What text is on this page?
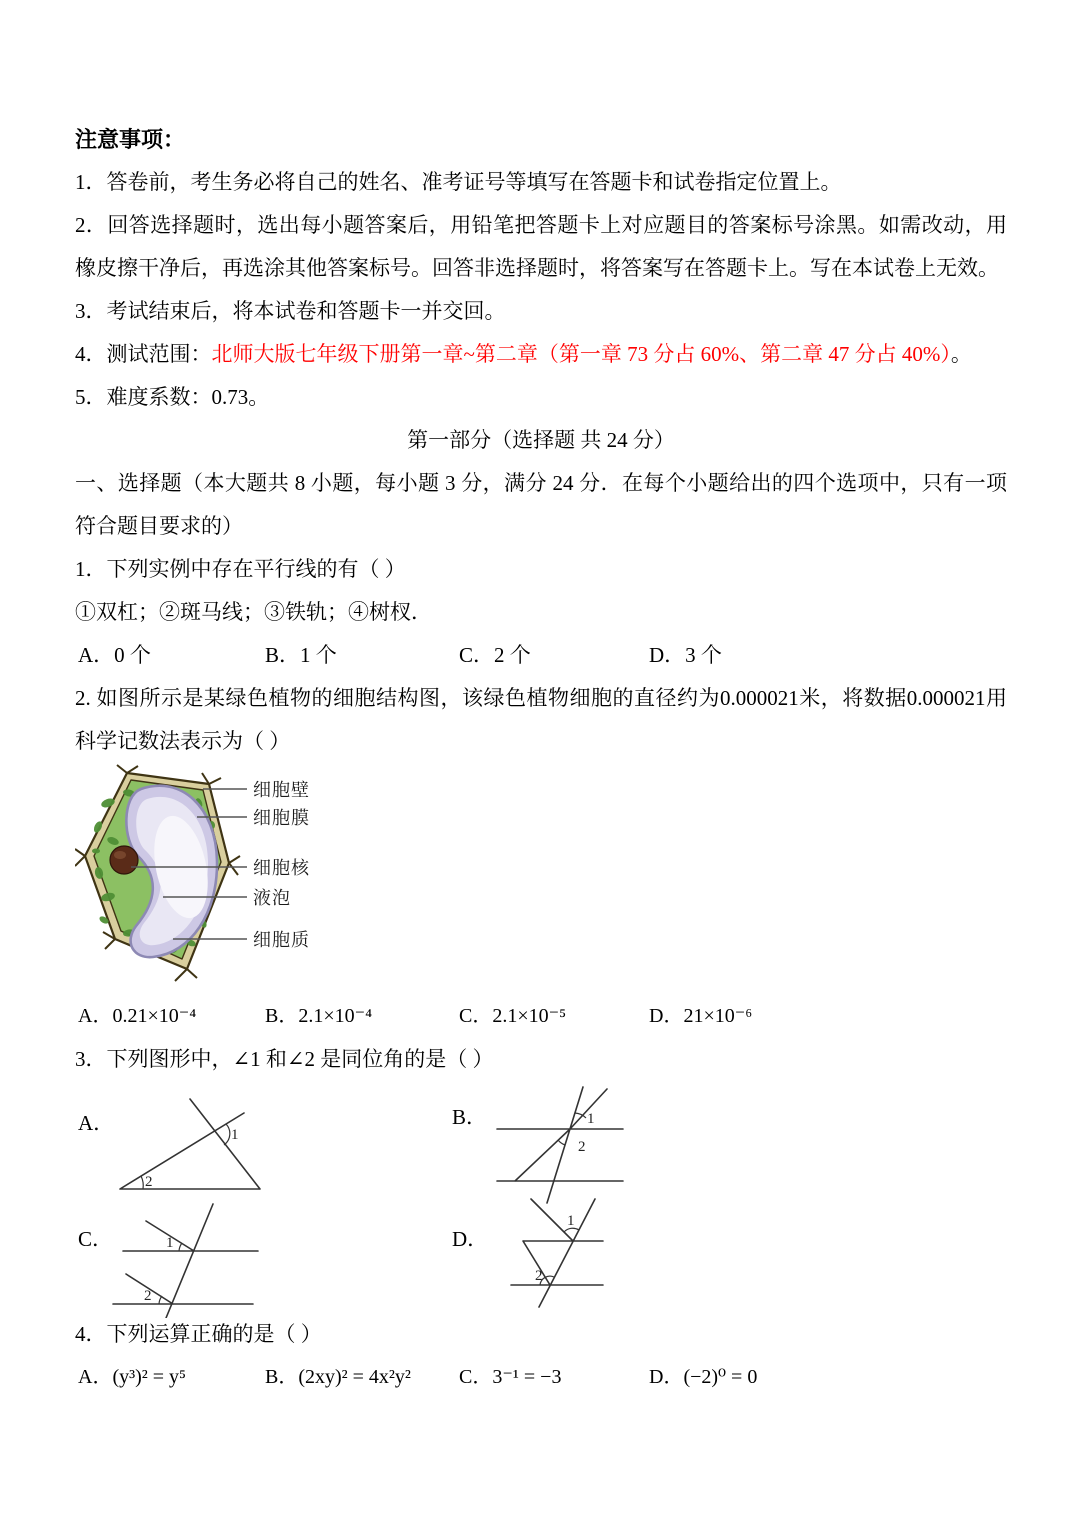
注意事项：

1．答卷前，考生务必将自己的姓名、准考证号等填写在答题卡和试卷指定位置上。

2．回答选择题时，选出每小题答案后，用铅笔把答题卡上对应题目的答案标号涂黑。如需改动，用橡皮擦干净后，再选涂其他答案标号。回答非选择题时，将答案写在答题卡上。写在本试卷上无效。

3．考试结束后，将本试卷和答题卡一并交回。

4．测试范围：北师大版七年级下册第一章~第二章（第一章 73 分占 60%、第二章 47 分占 40%）。

5．难度系数：0.73。

第一部分（选择题 共 24 分）

一、选择题（本大题共 8 小题，每小题 3 分，满分 24 分．在每个小题给出的四个选项中，只有一项符合题目要求的）

1．下列实例中存在平行线的有（ ）

①双杠；②斑马线；③铁轨；④树杈．

A．0 个	B．1 个	C．2 个	D．3 个

2. 如图所示是某绿色植物的细胞结构图，该绿色植物细胞的直径约为0.000021米，将数据0.000021用科学记数法表示为（ ）

细胞壁
细胞膜
细胞核
液泡
细胞质
A．0.21×10⁻⁴	B．2.1×10⁻⁴	C．2.1×10⁻⁵	D．21×10⁻⁶

3．下列图形中，∠1 和∠2 是同位角的是（ ）

A．	1
2
B．	1
2
C．	1
2
D．
1
2

4．下列运算正确的是（ ）

A．(y³)² = y⁵	B．(2xy)² = 4x²y²	C．3⁻¹ = −3	D．(−2)⁰ = 0
